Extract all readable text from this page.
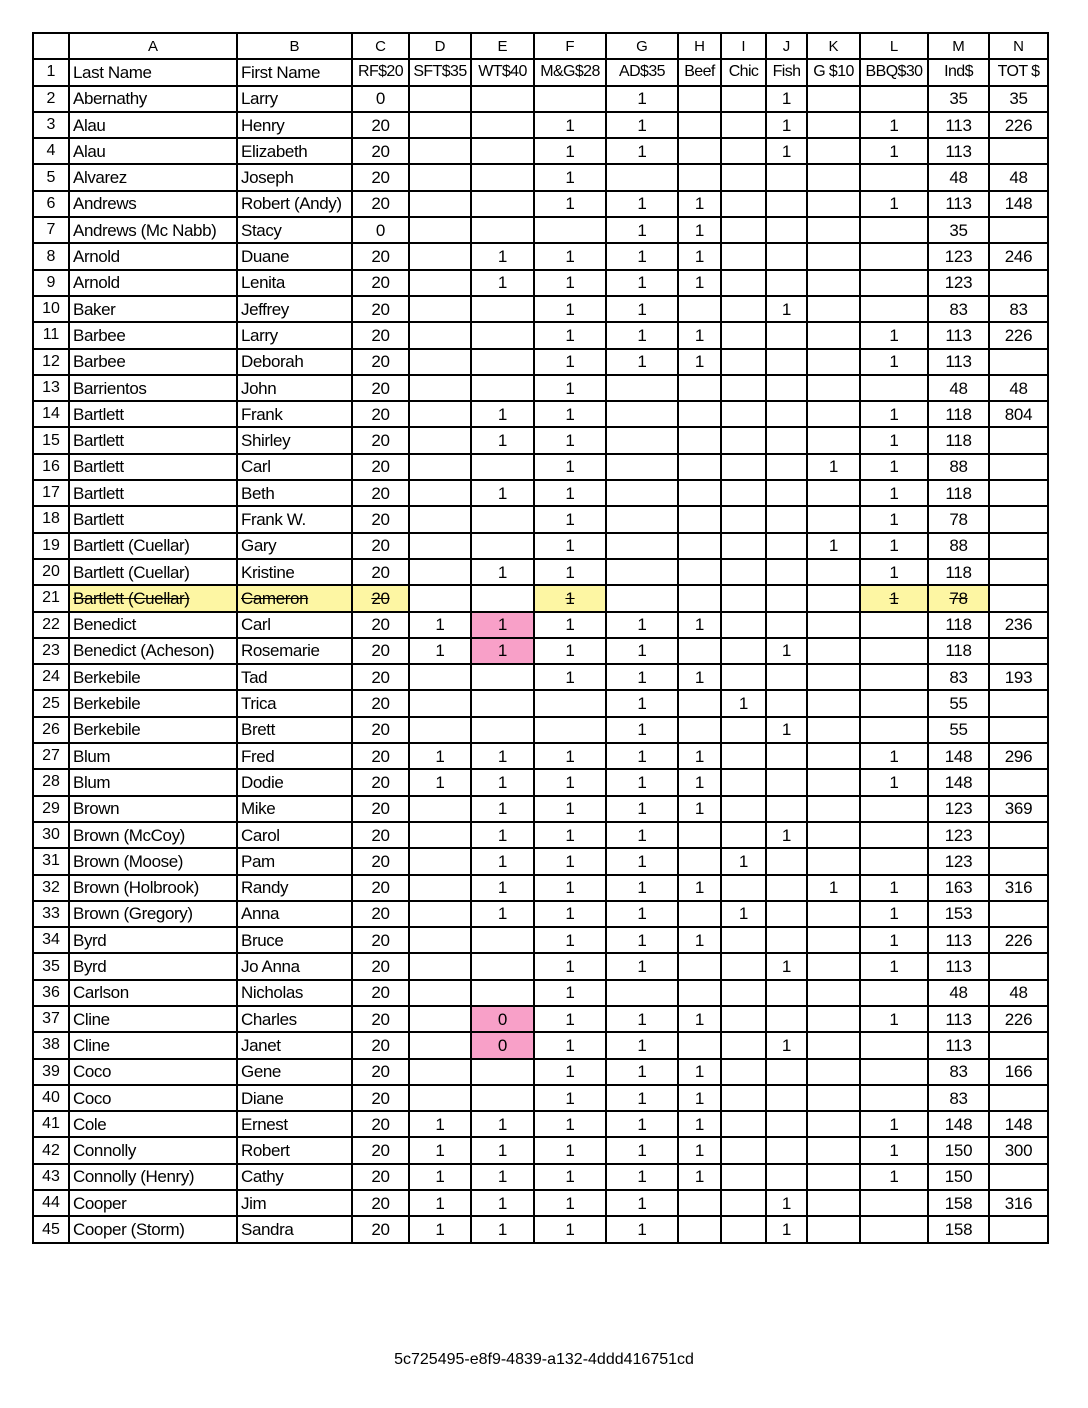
	A	B	C	D	E	F	G	H	I	J	K	L	M	N
1	Last Name	First Name	RF$20	SFT$35	WT$40	M&G$28	AD$35	Beef	Chic	Fish	G $10	BBQ$30	Ind$	TOT $
2	Abernathy	Larry	0				1			1			35	35
3	Alau	Henry	20			1	1			1		1	113	226
4	Alau	Elizabeth	20			1	1			1		1	113	
5	Alvarez	Joseph	20			1							48	48
6	Andrews	Robert (Andy)	20			1	1	1				1	113	148
7	Andrews (Mc Nabb)	Stacy	0				1	1					35	
8	Arnold	Duane	20		1	1	1	1					123	246
9	Arnold	Lenita	20		1	1	1	1					123	
10	Baker	Jeffrey	20			1	1			1			83	83
11	Barbee	Larry	20			1	1	1				1	113	226
12	Barbee	Deborah	20			1	1	1				1	113	
13	Barrientos	John	20			1							48	48
14	Bartlett	Frank	20		1	1						1	118	804
15	Bartlett	Shirley	20		1	1						1	118	
16	Bartlett	Carl	20			1					1	1	88	
17	Bartlett	Beth	20		1	1						1	118	
18	Bartlett	Frank W.	20			1						1	78	
19	Bartlett (Cuellar)	Gary	20			1					1	1	88	
20	Bartlett (Cuellar)	Kristine	20		1	1						1	118	
21	Bartlett (Cuellar)	Cameron	20			1						1	78	
22	Benedict	Carl	20	1	1	1	1	1					118	236
23	Benedict (Acheson)	Rosemarie	20	1	1	1	1			1			118	
24	Berkebile	Tad	20			1	1	1					83	193
25	Berkebile	Trica	20				1		1				55	
26	Berkebile	Brett	20				1			1			55	
27	Blum	Fred	20	1	1	1	1	1				1	148	296
28	Blum	Dodie	20	1	1	1	1	1				1	148	
29	Brown	Mike	20		1	1	1	1					123	369
30	Brown (McCoy)	Carol	20		1	1	1			1			123	
31	Brown (Moose)	Pam	20		1	1	1		1				123	
32	Brown (Holbrook)	Randy	20		1	1	1	1			1	1	163	316
33	Brown (Gregory)	Anna	20		1	1	1		1			1	153	
34	Byrd	Bruce	20			1	1	1				1	113	226
35	Byrd	Jo Anna	20			1	1			1		1	113	
36	Carlson	Nicholas	20			1							48	48
37	Cline	Charles	20		0	1	1	1				1	113	226
38	Cline	Janet	20		0	1	1			1			113	
39	Coco	Gene	20			1	1	1					83	166
40	Coco	Diane	20			1	1	1					83	
41	Cole	Ernest	20	1	1	1	1	1				1	148	148
42	Connolly	Robert	20	1	1	1	1	1				1	150	300
43	Connolly (Henry)	Cathy	20	1	1	1	1	1				1	150	
44	Cooper	Jim	20	1	1	1	1			1			158	316
45	Cooper (Storm)	Sandra	20	1	1	1	1			1			158	
5c725495-e8f9-4839-a132-4ddd416751cd
